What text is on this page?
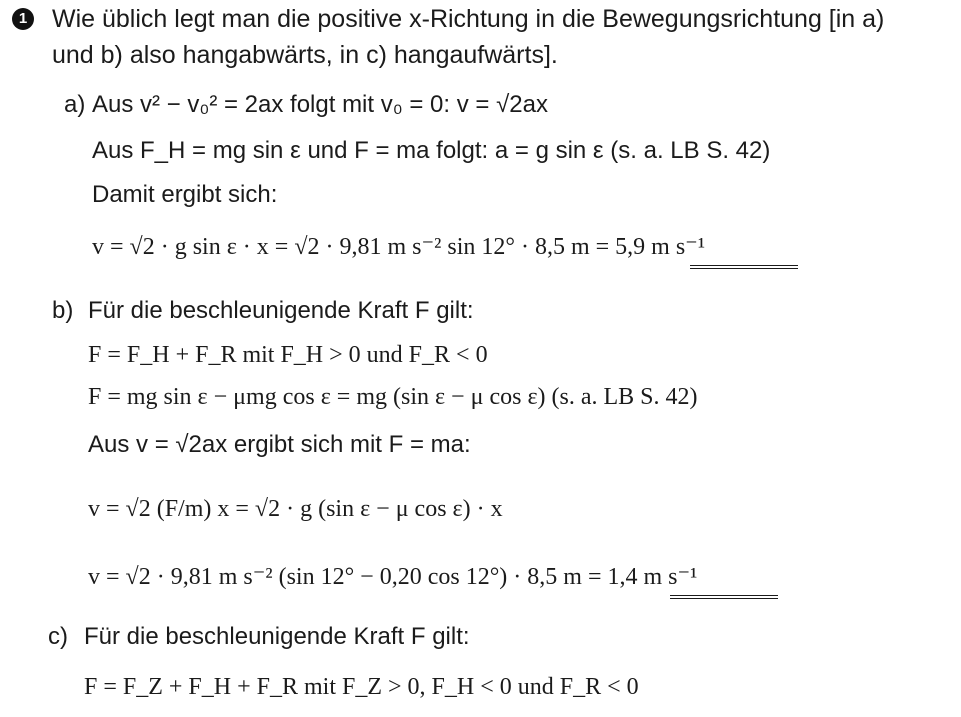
1 Wie üblich legt man die positive x-Richtung in die Bewegungsrichtung [in a)
und b) also hangabwärts, in c) hangaufwärts].
a) Aus v² − v₀² = 2ax folgt mit v₀ = 0: v = √2ax
Aus F_H = mg sin ε und F = ma folgt: a = g sin ε (s. a. LB S. 42)
Damit ergibt sich:
v = √2 · g sin ε · x = √2 · 9,81 m s⁻² sin 12° · 8,5 m = 5,9 m s⁻¹
b) Für die beschleunigende Kraft F gilt:
F = F_H + F_R mit F_H > 0 und F_R < 0
F = mg sin ε − μmg cos ε = mg (sin ε − μ cos ε) (s. a. LB S. 42)
Aus v = √2ax ergibt sich mit F = ma:
v = √2 (F/m) x = √2 · g (sin ε − μ cos ε) · x
v = √2 · 9,81 m s⁻² (sin 12° − 0,20 cos 12°) · 8,5 m = 1,4 m s⁻¹
c) Für die beschleunigende Kraft F gilt:
F = F_Z + F_H + F_R mit F_Z > 0, F_H < 0 und F_R < 0
